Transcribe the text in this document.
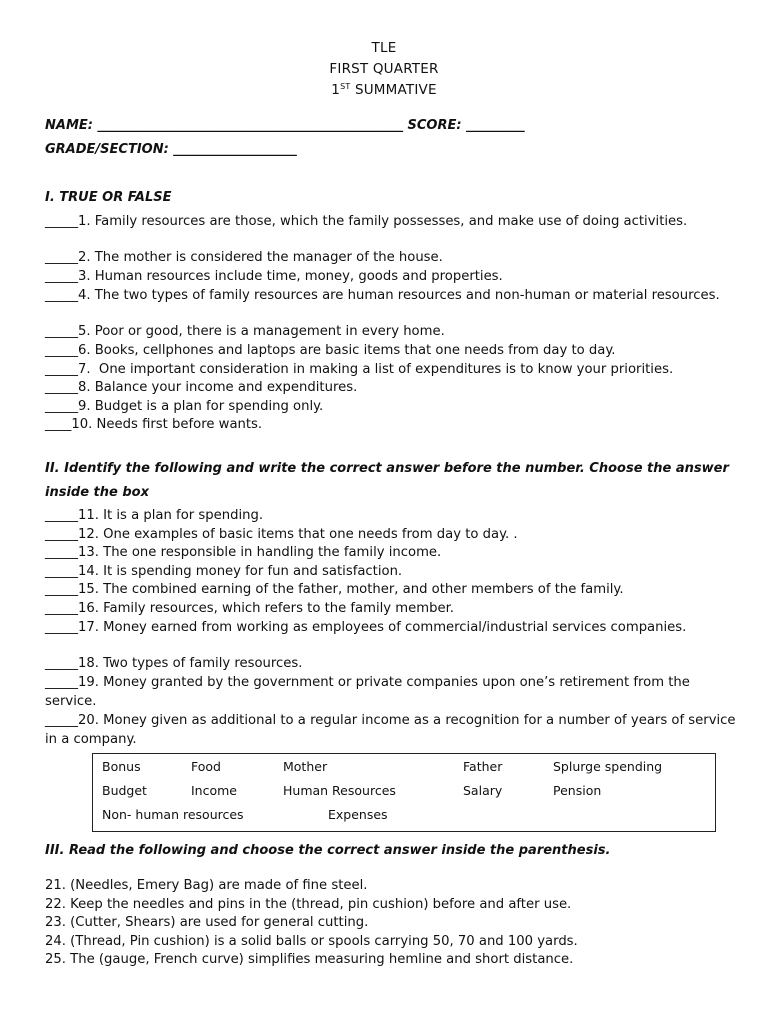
TLE
FIRST QUARTER
1ST SUMMATIVE
NAME: _______________________________________________ SCORE: _________
GRADE/SECTION: ___________________
I. TRUE OR FALSE
_____1. Family resources are those, which the family possesses, and make use of doing activities.
_____2. The mother is considered the manager of the house.
_____3. Human resources include time, money, goods and properties.
_____4. The two types of family resources are human resources and non-human or material resources.
_____5. Poor or good, there is a management in every home.
_____6. Books, cellphones and laptops are basic items that one needs from day to day.
_____7.  One important consideration in making a list of expenditures is to know your priorities.
_____8. Balance your income and expenditures.
_____9. Budget is a plan for spending only.
____10. Needs first before wants.
II. Identify the following and write the correct answer before the number. Choose the answer
inside the box
_____11. It is a plan for spending.
_____12. One examples of basic items that one needs from day to day. .
_____13. The one responsible in handling the family income.
_____14. It is spending money for fun and satisfaction.
_____15. The combined earning of the father, mother, and other members of the family.
_____16. Family resources, which refers to the family member.
_____17. Money earned from working as employees of commercial/industrial services companies.
_____18. Two types of family resources.
_____19. Money granted by the government or private companies upon one’s retirement from the service.
_____20. Money given as additional to a regular income as a recognition for a number of years of service in a company.
Bonus	Food	Mother	Father	Splurge spending
Budget	Income	Human Resources	Salary	Pension
Non- human resources	Expenses
III. Read the following and choose the correct answer inside the parenthesis.
21. (Needles, Emery Bag) are made of fine steel.
22. Keep the needles and pins in the (thread, pin cushion) before and after use.
23. (Cutter, Shears) are used for general cutting.
24. (Thread, Pin cushion) is a solid balls or spools carrying 50, 70 and 100 yards.
25. The (gauge, French curve) simplifies measuring hemline and short distance.
